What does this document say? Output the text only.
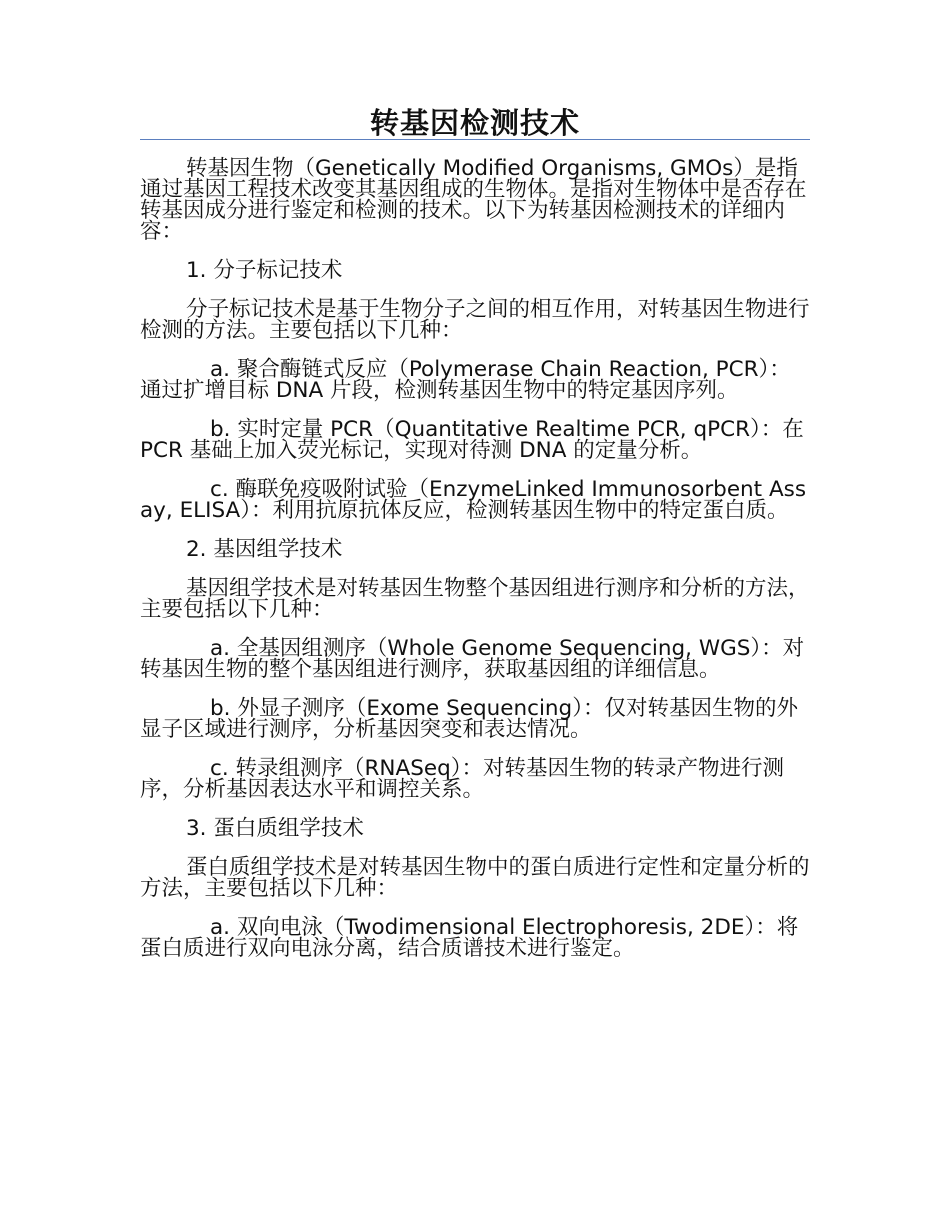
转基因检测技术

转基因生物（Genetically Modified Organisms, GMOs）是指通过基因工程技术改变其基因组成的生物体。是指对生物体中是否存在转基因成分进行鉴定和检测的技术。以下为转基因检测技术的详细内容：

1. 分子标记技术

分子标记技术是基于生物分子之间的相互作用，对转基因生物进行检测的方法。主要包括以下几种：

a. 聚合酶链式反应（Polymerase Chain Reaction, PCR）：通过扩增目标 DNA 片段，检测转基因生物中的特定基因序列。

b. 实时定量 PCR（Quantitative Realtime PCR, qPCR）：在 PCR 基础上加入荧光标记，实现对待测 DNA 的定量分析。

c. 酶联免疫吸附试验（EnzymeLinked Immunosorbent Assay, ELISA）：利用抗原抗体反应，检测转基因生物中的特定蛋白质。

2. 基因组学技术

基因组学技术是对转基因生物整个基因组进行测序和分析的方法，主要包括以下几种：

a. 全基因组测序（Whole Genome Sequencing, WGS）：对转基因生物的整个基因组进行测序，获取基因组的详细信息。

b. 外显子测序（Exome Sequencing）：仅对转基因生物的外显子区域进行测序，分析基因突变和表达情况。

c. 转录组测序（RNASeq）：对转基因生物的转录产物进行测序，分析基因表达水平和调控关系。

3. 蛋白质组学技术

蛋白质组学技术是对转基因生物中的蛋白质进行定性和定量分析的方法，主要包括以下几种：

a. 双向电泳（Twodimensional Electrophoresis, 2DE）：将蛋白质进行双向电泳分离，结合质谱技术进行鉴定。
